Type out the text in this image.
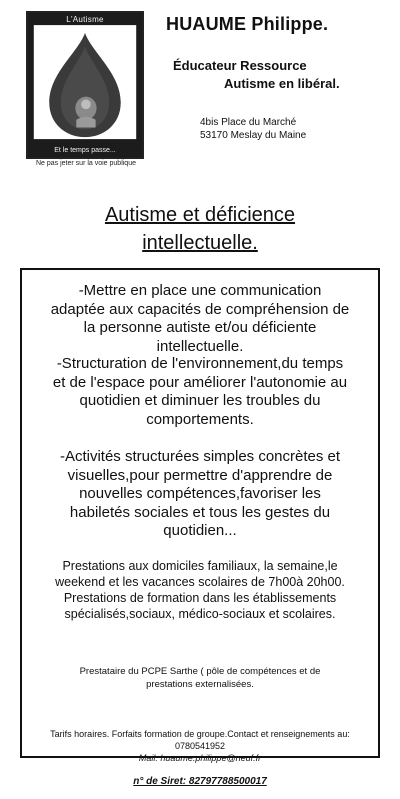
L'Autisme
Et le temps passe...
Ne pas jeter sur la voie publique
HUAUME Philippe.
Éducateur Ressource
Autisme en libéral.
4bis Place du Marché
53170 Meslay du Maine
Autisme et déficience
intellectuelle.
-Mettre en place une communication
adaptée aux capacités de compréhension de
la personne autiste et/ou déficiente
intellectuelle.
-Structuration de l'environnement,du temps
et de l'espace pour améliorer l'autonomie au
quotidien et diminuer les troubles du
comportements.
-Activités structurées simples concrètes et
visuelles,pour permettre d'apprendre de
nouvelles compétences,favoriser les
habiletés sociales et tous les gestes du
quotidien...
Prestations aux domiciles familiaux, la semaine,le
weekend et les vacances scolaires de 7h00à 20h00.
Prestations de formation dans les établissements
spécialisés,sociaux, médico-sociaux et scolaires.
Prestataire du PCPE Sarthe ( pôle de compétences et de
prestations externalisées.
Tarifs horaires. Forfaits formation de groupe.Contact et renseignements au:
0780541952
Mail: huaume.philippe@neuf.fr
n° de Siret: 82797788500017
